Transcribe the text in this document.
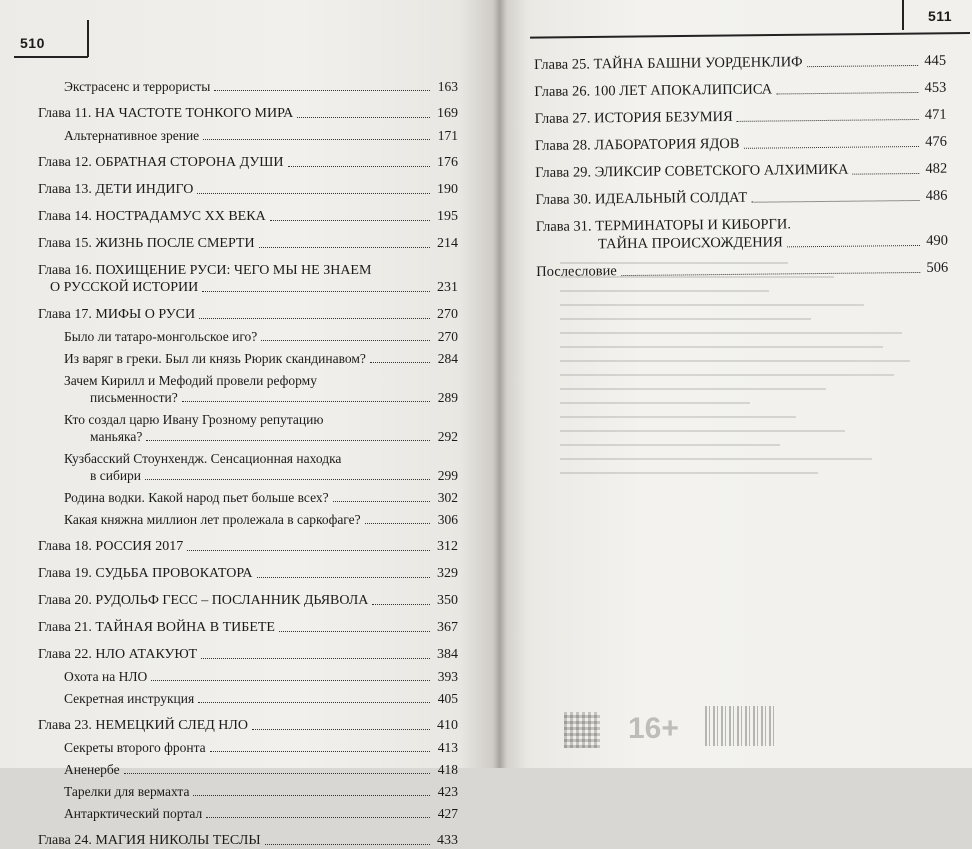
510
Экстрасенс и террористы	163
Глава 11. НА ЧАСТОТЕ ТОНКОГО МИРА	169
Альтернативное зрение	171
Глава 12. ОБРАТНАЯ СТОРОНА ДУШИ	176
Глава 13. ДЕТИ ИНДИГО	190
Глава 14. НОСТРАДАМУС XX ВЕКА	195
Глава 15. ЖИЗНЬ ПОСЛЕ СМЕРТИ	214
Глава 16. ПОХИЩЕНИЕ РУСИ: ЧЕГО МЫ НЕ ЗНАЕМ
О РУССКОЙ ИСТОРИИ	231
Глава 17. МИФЫ О РУСИ	270
Было ли татаро-монгольское иго?	270
Из варяг в греки. Был ли князь Рюрик скандинавом?	284
Зачем Кирилл и Мефодий провели реформу
письменности?	289
Кто создал царю Ивану Грозному репутацию
маньяка?	292
Кузбасский Стоунхендж. Сенсационная находка
в сибири	299
Родина водки. Какой народ пьет больше всех?	302
Какая княжна миллион лет пролежала в саркофаге?	306
Глава 18. РОССИЯ 2017	312
Глава 19. СУДЬБА ПРОВОКАТОРА	329
Глава 20. РУДОЛЬФ ГЕСС – ПОСЛАННИК ДЬЯВОЛА	350
Глава 21. ТАЙНАЯ ВОЙНА В ТИБЕТЕ	367
Глава 22. НЛО АТАКУЮТ	384
Охота на НЛО	393
Секретная инструкция	405
Глава 23. НЕМЕЦКИЙ СЛЕД НЛО	410
Секреты второго фронта	413
Аненербе	418
Тарелки для вермахта	423
Антарктический портал	427
Глава 24. МАГИЯ НИКОЛЫ ТЕСЛЫ	433
511
Глава 25. ТАЙНА БАШНИ УОРДЕНКЛИФ	445
Глава 26. 100 ЛЕТ АПОКАЛИПСИСА	453
Глава 27. ИСТОРИЯ БЕЗУМИЯ	471
Глава 28. ЛАБОРАТОРИЯ ЯДОВ	476
Глава 29. ЭЛИКСИР СОВЕТСКОГО АЛХИМИКА	482
Глава 30. ИДЕАЛЬНЫЙ СОЛДАТ	486
Глава 31. ТЕРМИНАТОРЫ И КИБОРГИ.
ТАЙНА ПРОИСХОЖДЕНИЯ	490
Послесловие	506
16+
